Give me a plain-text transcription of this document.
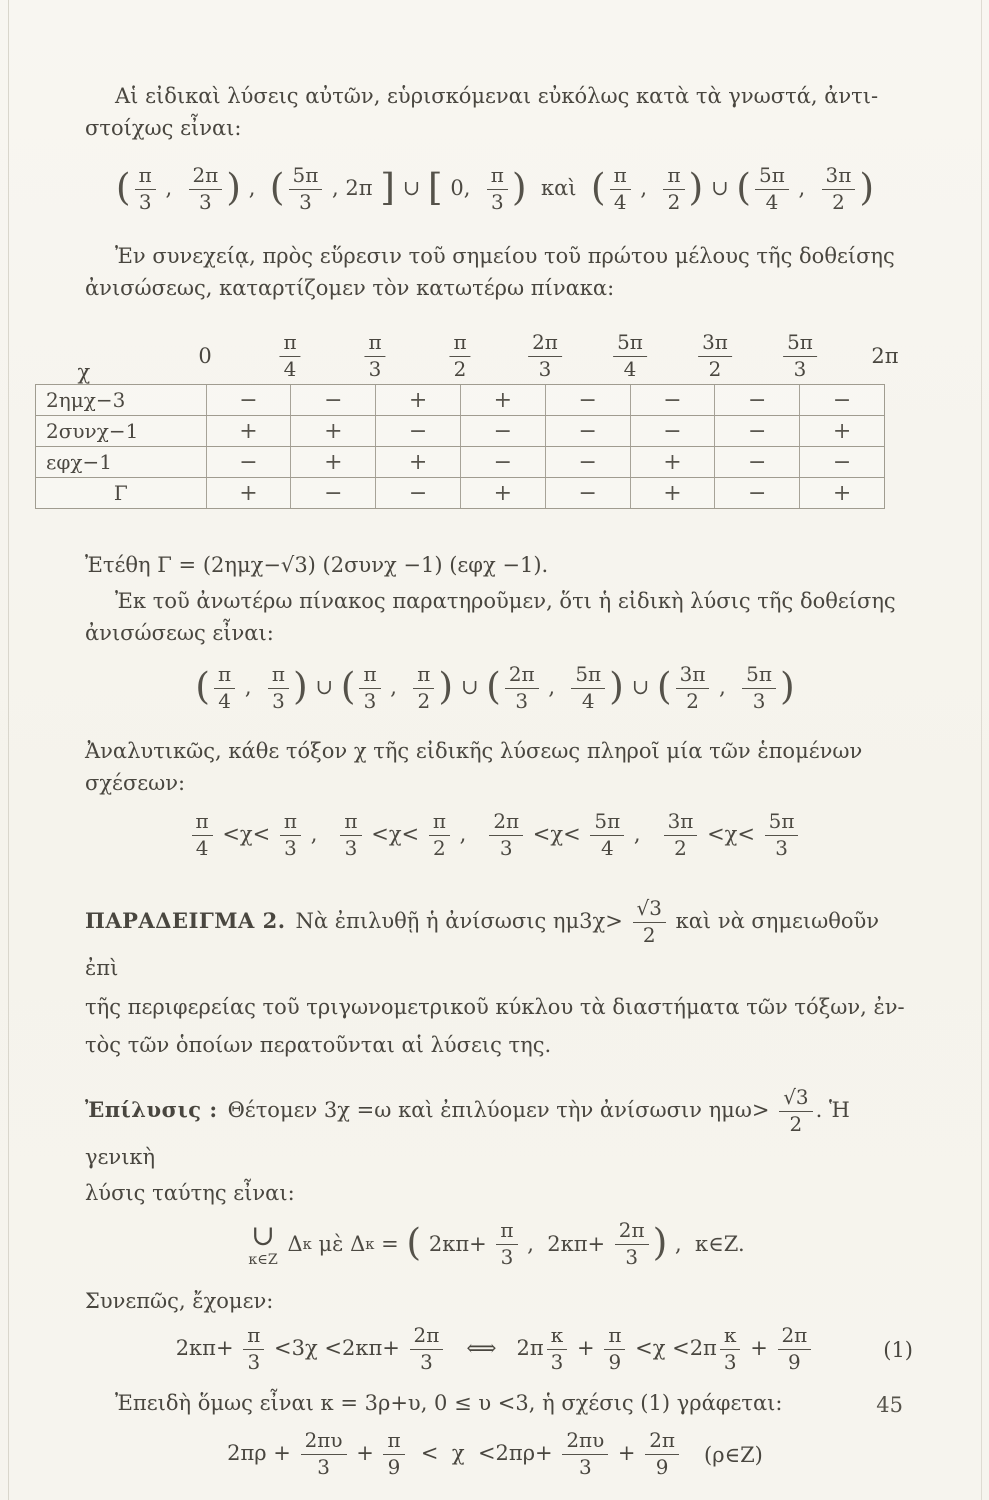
Αἱ εἰδικαὶ λύσεις αὐτῶν, εὑρισκόμεναι εὐκόλως κατὰ τὰ γνωστά, ἀντι-
στοίχως εἶναι:
( $\frac{\pi}{3}$ , $\frac{2\pi}{3}$ ) , ( $\frac{5\pi}{3}$ , 2π ] ∪ [ 0, $\frac{\pi}{3}$ ) καὶ ( $\frac{\pi}{4}$ , $\frac{\pi}{2}$ ) ∪ ( $\frac{5\pi}{4}$ , $\frac{3\pi}{2}$ )
Ἐν συνεχείᾳ, πρὸς εὕρεσιν τοῦ σημείου τοῦ πρώτου μέλους τῆς δοθείσης
ἀνισώσεως, καταρτίζομεν τὸν κατωτέρω πίνακα:
χ
0	$\frac{\pi}{4}$	$\frac{\pi}{3}$	$\frac{\pi}{2}$	$\frac{2\pi}{3}$	$\frac{5\pi}{4}$	$\frac{3\pi}{2}$	$\frac{5\pi}{3}$	2π
2ημχ−3	−	−	+	+	−	−	−	−
2συνχ−1	+	+	−	−	−	−	−	+
εφχ−1	−	+	+	−	−	+	−	−
Γ	+	−	−	+	−	+	−	+
Ἐτέθη Γ = (2ημχ−√3) (2συνχ −1) (εφχ −1).
Ἐκ τοῦ ἀνωτέρω πίνακος παρατηροῦμεν, ὅτι ἡ εἰδικὴ λύσις τῆς δοθείσης
ἀνισώσεως εἶναι:
( $\frac{\pi}{4}$ , $\frac{\pi}{3}$ ) ∪ ( $\frac{\pi}{3}$ , $\frac{\pi}{2}$ ) ∪ ( $\frac{2\pi}{3}$ , $\frac{5\pi}{4}$ ) ∪ ( $\frac{3\pi}{2}$ , $\frac{5\pi}{3}$ )
Ἀναλυτικῶς, κάθε τόξον χ τῆς εἰδικῆς λύσεως πληροῖ μία τῶν ἑπομένων σχέσεων:
$\frac{\pi}{4} <\chi< \frac{\pi}{3}$ , $\frac{\pi}{3} <\chi< \frac{\pi}{2}$ , $\frac{2\pi}{3} <\chi< \frac{5\pi}{4}$ , $\frac{3\pi}{2} <\chi< \frac{5\pi}{3}$
ΠΑΡΑΔΕΙΓΜΑ 2. Νὰ ἐπιλυθῇ ἡ ἀνίσωσις $\eta\mu 3\chi> \frac{√3}{2}$ καὶ νὰ σημειωθοῦν ἐπὶ
τῆς περιφερείας τοῦ τριγωνομετρικοῦ κύκλου τὰ διαστήματα τῶν τόξων, ἐν-
τὸς τῶν ὁποίων περατοῦνται αἱ λύσεις της.
Ἐπίλυσις : Θέτομεν 3χ =ω καὶ ἐπιλύομεν τὴν ἀνίσωσιν $\eta\mu\omega> \frac{√3}{2}$ . Ἡ γενικὴ
λύσις ταύτης εἶναι:
∪
κ∈Z
Δ κ μὲ Δ κ = ( $2\kappa\pi+ \frac{\pi}{3}$ ,  $2\kappa\pi+ \frac{2\pi}{3}$ ) ,  κ∈Z.
Συνεπῶς, ἔχομεν:
$2\kappa\pi+ \frac{\pi}{3} <3\chi <2\kappa\pi+ \frac{2\pi}{3}$ ⟺   $2\pi \frac{\kappa}{3} + \frac{\pi}{9} <\chi <2\pi \frac{\kappa}{3} + \frac{2\pi}{9}$	(1)
Ἐπειδὴ ὅμως εἶναι κ = 3ρ+υ, 0 ≤ υ <3, ἡ σχέσις (1) γράφεται:
$2\pi\rho + \frac{2\pi\upsilon}{3} + \frac{\pi}{9} < \chi <2\pi\rho+ \frac{2\pi\upsilon}{3} + \frac{2\pi}{9}$ (ρ∈Z)
45
